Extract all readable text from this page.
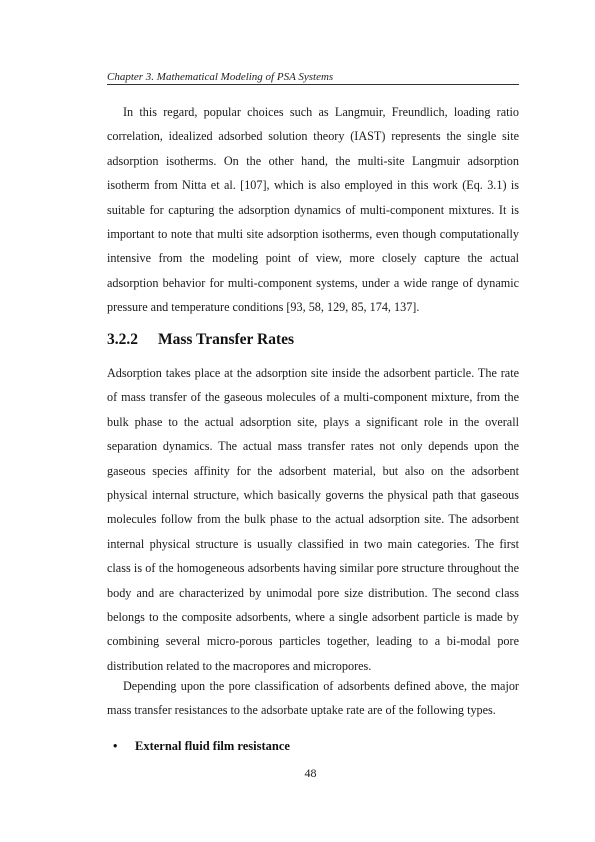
Chapter 3. Mathematical Modeling of PSA Systems

In this regard, popular choices such as Langmuir, Freundlich, loading ratio correlation, idealized adsorbed solution theory (IAST) represents the single site adsorption isotherms. On the other hand, the multi-site Langmuir adsorption isotherm from Nitta et al. [107], which is also employed in this work (Eq. 3.1) is suitable for capturing the adsorption dynamics of multi-component mixtures. It is important to note that multi site adsorption isotherms, even though computationally intensive from the modeling point of view, more closely capture the actual adsorption behavior for multi-component systems, under a wide range of dynamic pressure and temperature conditions [93, 58, 129, 85, 174, 137].

3.2.2 Mass Transfer Rates

Adsorption takes place at the adsorption site inside the adsorbent particle. The rate of mass transfer of the gaseous molecules of a multi-component mixture, from the bulk phase to the actual adsorption site, plays a significant role in the overall separation dynamics. The actual mass transfer rates not only depends upon the gaseous species affinity for the adsorbent material, but also on the adsorbent physical internal structure, which basically governs the physical path that gaseous molecules follow from the bulk phase to the actual adsorption site. The adsorbent internal physical structure is usually classified in two main categories. The first class is of the homogeneous adsorbents having similar pore structure throughout the body and are characterized by unimodal pore size distribution. The second class belongs to the composite adsorbents, where a single adsorbent particle is made by combining several micro-porous particles together, leading to a bi-modal pore distribution related to the macropores and micropores.

Depending upon the pore classification of adsorbents defined above, the major mass transfer resistances to the adsorbate uptake rate are of the following types.

• External fluid film resistance
48
